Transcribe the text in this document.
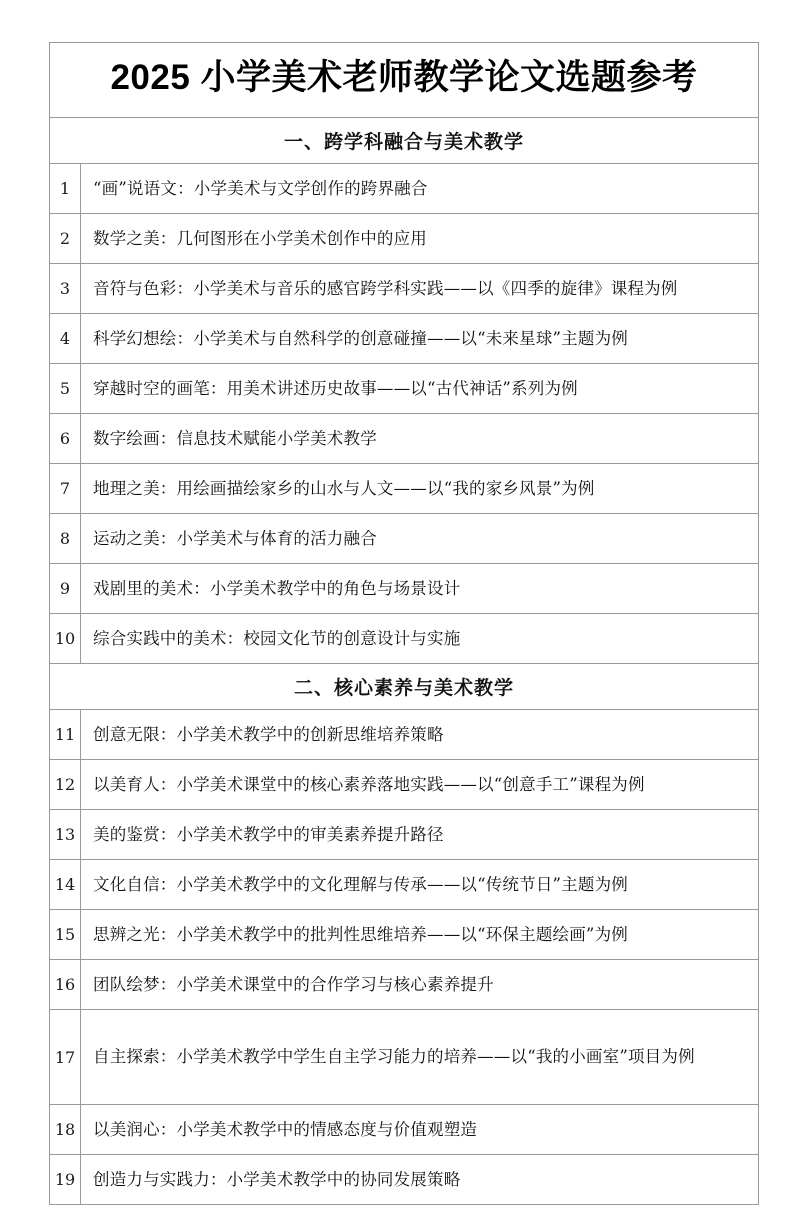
2025 小学美术老师教学论文选题参考	
一、跨学科融合与美术教学	
1	“画”说语文：小学美术与文学创作的跨界融合
2	数学之美：几何图形在小学美术创作中的应用
3	音符与色彩：小学美术与音乐的感官跨学科实践——以《四季的旋律》课程为例
4	科学幻想绘：小学美术与自然科学的创意碰撞——以“未来星球”主题为例
5	穿越时空的画笔：用美术讲述历史故事——以“古代神话”系列为例
6	数字绘画：信息技术赋能小学美术教学
7	地理之美：用绘画描绘家乡的山水与人文——以“我的家乡风景”为例
8	运动之美：小学美术与体育的活力融合
9	戏剧里的美术：小学美术教学中的角色与场景设计
10	综合实践中的美术：校园文化节的创意设计与实施
二、核心素养与美术教学	
11	创意无限：小学美术教学中的创新思维培养策略
12	以美育人：小学美术课堂中的核心素养落地实践——以“创意手工”课程为例
13	美的鉴赏：小学美术教学中的审美素养提升路径
14	文化自信：小学美术教学中的文化理解与传承——以“传统节日”主题为例
15	思辨之光：小学美术教学中的批判性思维培养——以“环保主题绘画”为例
16	团队绘梦：小学美术课堂中的合作学习与核心素养提升
17	自主探索：小学美术教学中学生自主学习能力的培养——以“我的小画室”项目为例
18	以美润心：小学美术教学中的情感态度与价值观塑造
19	创造力与实践力：小学美术教学中的协同发展策略
